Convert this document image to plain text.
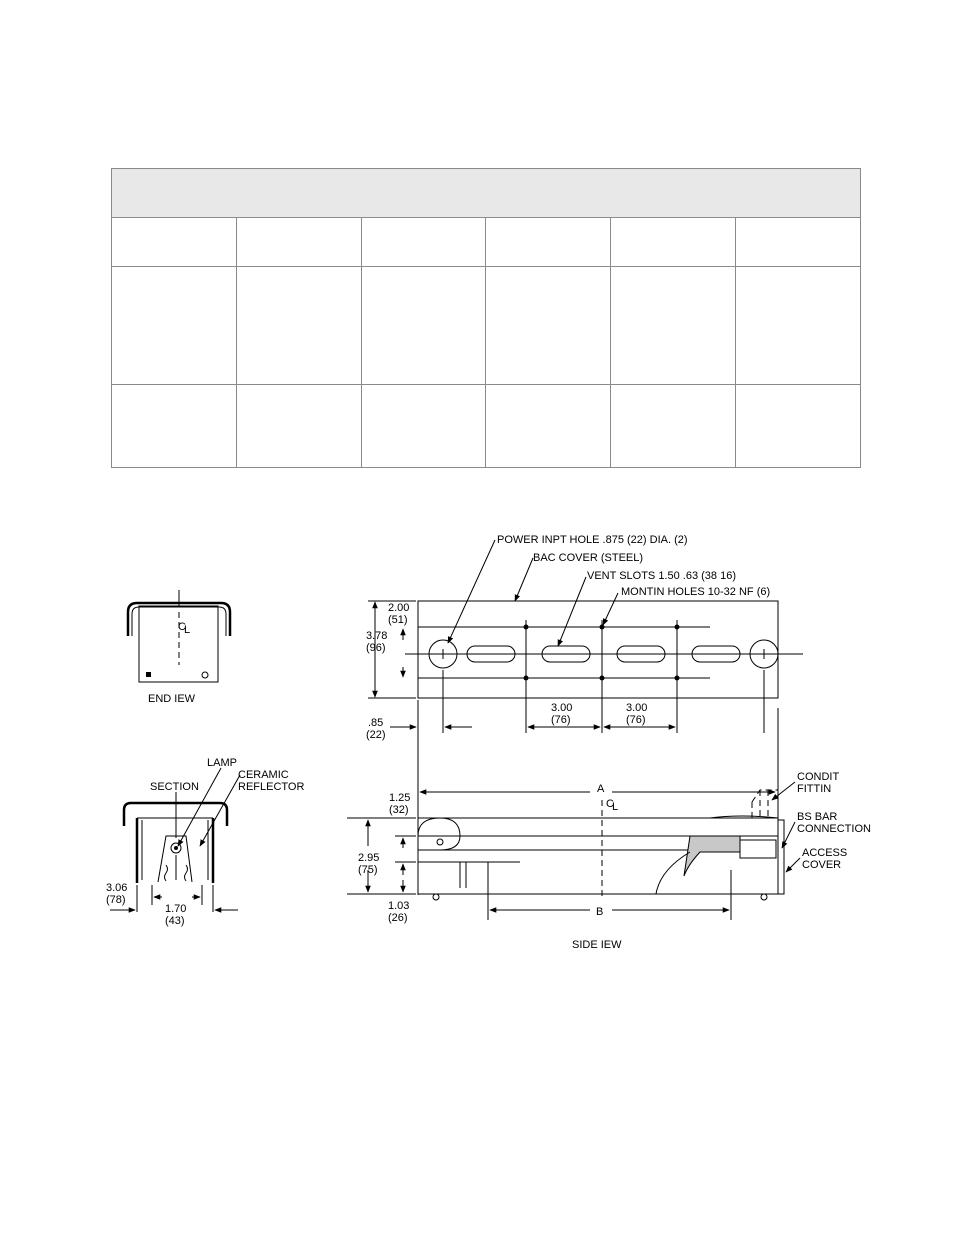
C
L
END IEW
LAMP
SECTION
CERAMIC
REFLECTOR
3.06
(78)
1.70
(43)
POWER INPT HOLE .875 (22) DIA. (2)
BAC COVER (STEEL)
VENT SLOTS 1.50 .63 (38 16)
MONTIN HOLES 10-32 NF (6)
2.00
(51)
3.78
(96)
.85
(22)
3.00
(76)
3.00
(76)
A
B
C
L
1.25
(32)
2.95
(75)
1.03
(26)
CONDIT
FITTIN
BS BAR
CONNECTION
ACCESS
COVER
SIDE IEW
